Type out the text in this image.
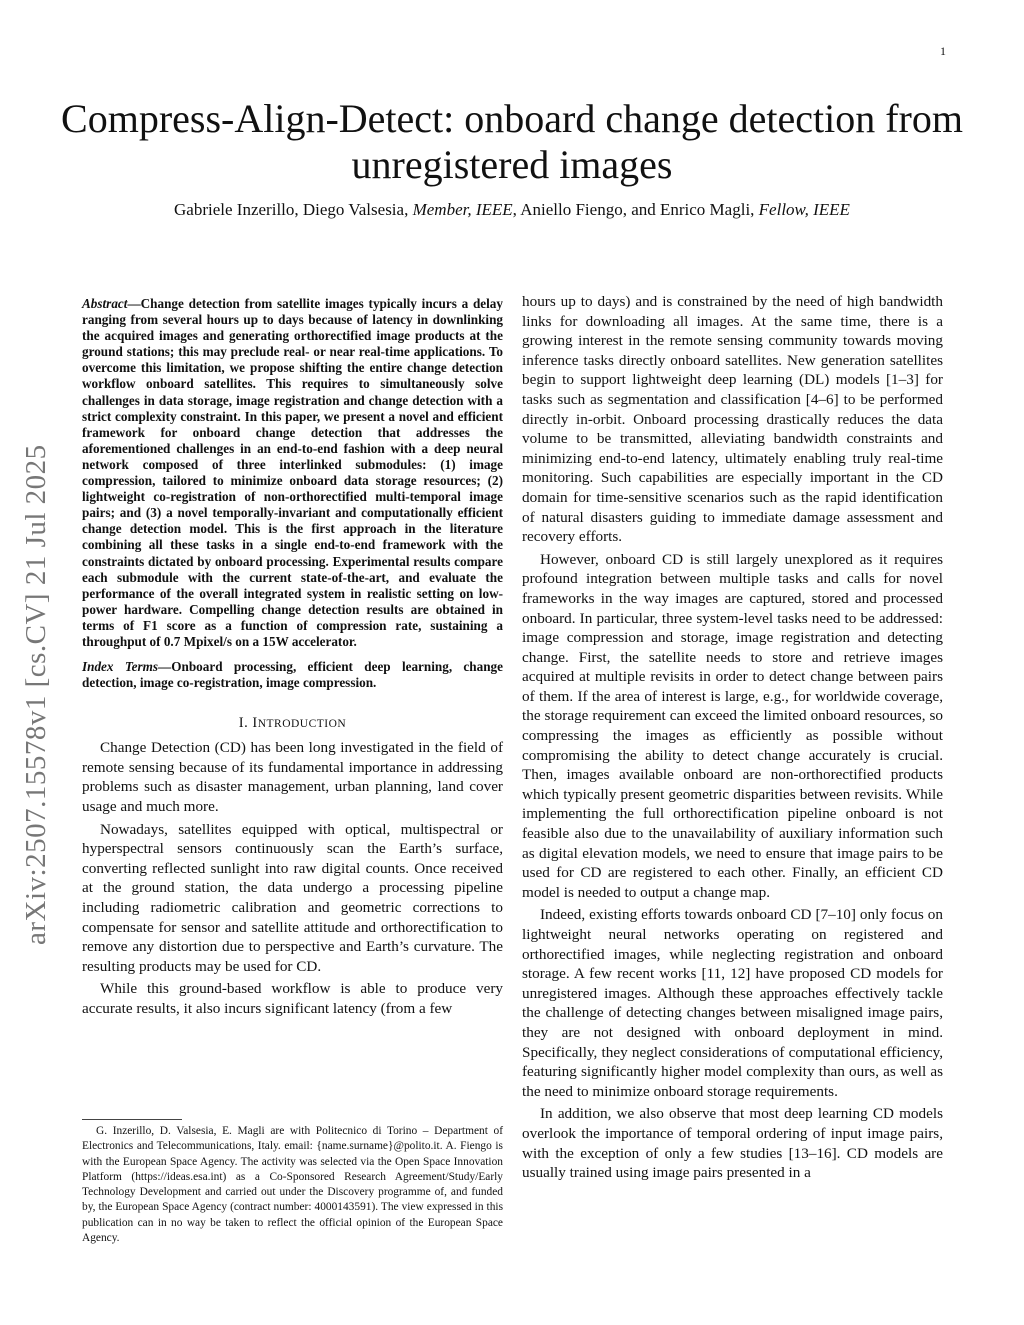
1
Compress-Align-Detect: onboard change detection from unregistered images
Gabriele Inzerillo, Diego Valsesia, Member, IEEE, Aniello Fiengo, and Enrico Magli, Fellow, IEEE
arXiv:2507.15578v1 [cs.CV] 21 Jul 2025

Abstract—Change detection from satellite images typically incurs a delay ranging from several hours up to days because of latency in downlinking the acquired images and generating orthorectified image products at the ground stations; this may preclude real- or near real-time applications. To overcome this limitation, we propose shifting the entire change detection workflow onboard satellites. This requires to simultaneously solve challenges in data storage, image registration and change detection with a strict complexity constraint. In this paper, we present a novel and efficient framework for onboard change detection that addresses the aforementioned challenges in an end-to-end fashion with a deep neural network composed of three interlinked submodules: (1) image compression, tailored to minimize onboard data storage resources; (2) lightweight co-registration of non-orthorectified multi-temporal image pairs; and (3) a novel temporally-invariant and computationally efficient change detection model. This is the first approach in the literature combining all these tasks in a single end-to-end framework with the constraints dictated by onboard processing. Experimental results compare each submodule with the current state-of-the-art, and evaluate the performance of the overall integrated system in realistic setting on low-power hardware. Compelling change detection results are obtained in terms of F1 score as a function of compression rate, sustaining a throughput of 0.7 Mpixel/s on a 15W accelerator.

Index Terms—Onboard processing, efficient deep learning, change detection, image co-registration, image compression.

I. INTRODUCTION

Change Detection (CD) has been long investigated in the field of remote sensing because of its fundamental importance in addressing problems such as disaster management, urban planning, land cover usage and much more.

Nowadays, satellites equipped with optical, multispectral or hyperspectral sensors continuously scan the Earth’s surface, converting reflected sunlight into raw digital counts. Once received at the ground station, the data undergo a processing pipeline including radiometric calibration and geometric corrections to compensate for sensor and satellite attitude and orthorectification to remove any distortion due to perspective and Earth’s curvature. The resulting products may be used for CD.

While this ground-based workflow is able to produce very accurate results, it also incurs significant latency (from a few

G. Inzerillo, D. Valsesia, E. Magli are with Politecnico di Torino – Department of Electronics and Telecommunications, Italy. email: {name.surname}@polito.it. A. Fiengo is with the European Space Agency. The activity was selected via the Open Space Innovation Platform (https://ideas.esa.int) as a Co-Sponsored Research Agreement/Study/Early Technology Development and carried out under the Discovery programme of, and funded by, the European Space Agency (contract number: 4000143591). The view expressed in this publication can in no way be taken to reflect the official opinion of the European Space Agency.

hours up to days) and is constrained by the need of high bandwidth links for downloading all images. At the same time, there is a growing interest in the remote sensing community towards moving inference tasks directly onboard satellites. New generation satellites begin to support lightweight deep learning (DL) models [1–3] for tasks such as segmentation and classification [4–6] to be performed directly in-orbit. Onboard processing drastically reduces the data volume to be transmitted, alleviating bandwidth constraints and minimizing end-to-end latency, ultimately enabling truly real-time monitoring. Such capabilities are especially important in the CD domain for time-sensitive scenarios such as the rapid identification of natural disasters guiding to immediate damage assessment and recovery efforts.

However, onboard CD is still largely unexplored as it requires profound integration between multiple tasks and calls for novel frameworks in the way images are captured, stored and processed onboard. In particular, three system-level tasks need to be addressed: image compression and storage, image registration and detecting change. First, the satellite needs to store and retrieve images acquired at multiple revisits in order to detect change between pairs of them. If the area of interest is large, e.g., for worldwide coverage, the storage requirement can exceed the limited onboard resources, so compressing the images as efficiently as possible without compromising the ability to detect change accurately is crucial. Then, images available onboard are non-orthorectified products which typically present geometric disparities between revisits. While implementing the full orthorectification pipeline onboard is not feasible also due to the unavailability of auxiliary information such as digital elevation models, we need to ensure that image pairs to be used for CD are registered to each other. Finally, an efficient CD model is needed to output a change map.

Indeed, existing efforts towards onboard CD [7–10] only focus on lightweight neural networks operating on registered and orthorectified images, while neglecting registration and onboard storage. A few recent works [11, 12] have proposed CD models for unregistered images. Although these approaches effectively tackle the challenge of detecting changes between misaligned image pairs, they are not designed with onboard deployment in mind. Specifically, they neglect considerations of computational efficiency, featuring significantly higher model complexity than ours, as well as the need to minimize onboard storage requirements.

In addition, we also observe that most deep learning CD models overlook the importance of temporal ordering of input image pairs, with the exception of only a few studies [13–16]. CD models are usually trained using image pairs presented in a
